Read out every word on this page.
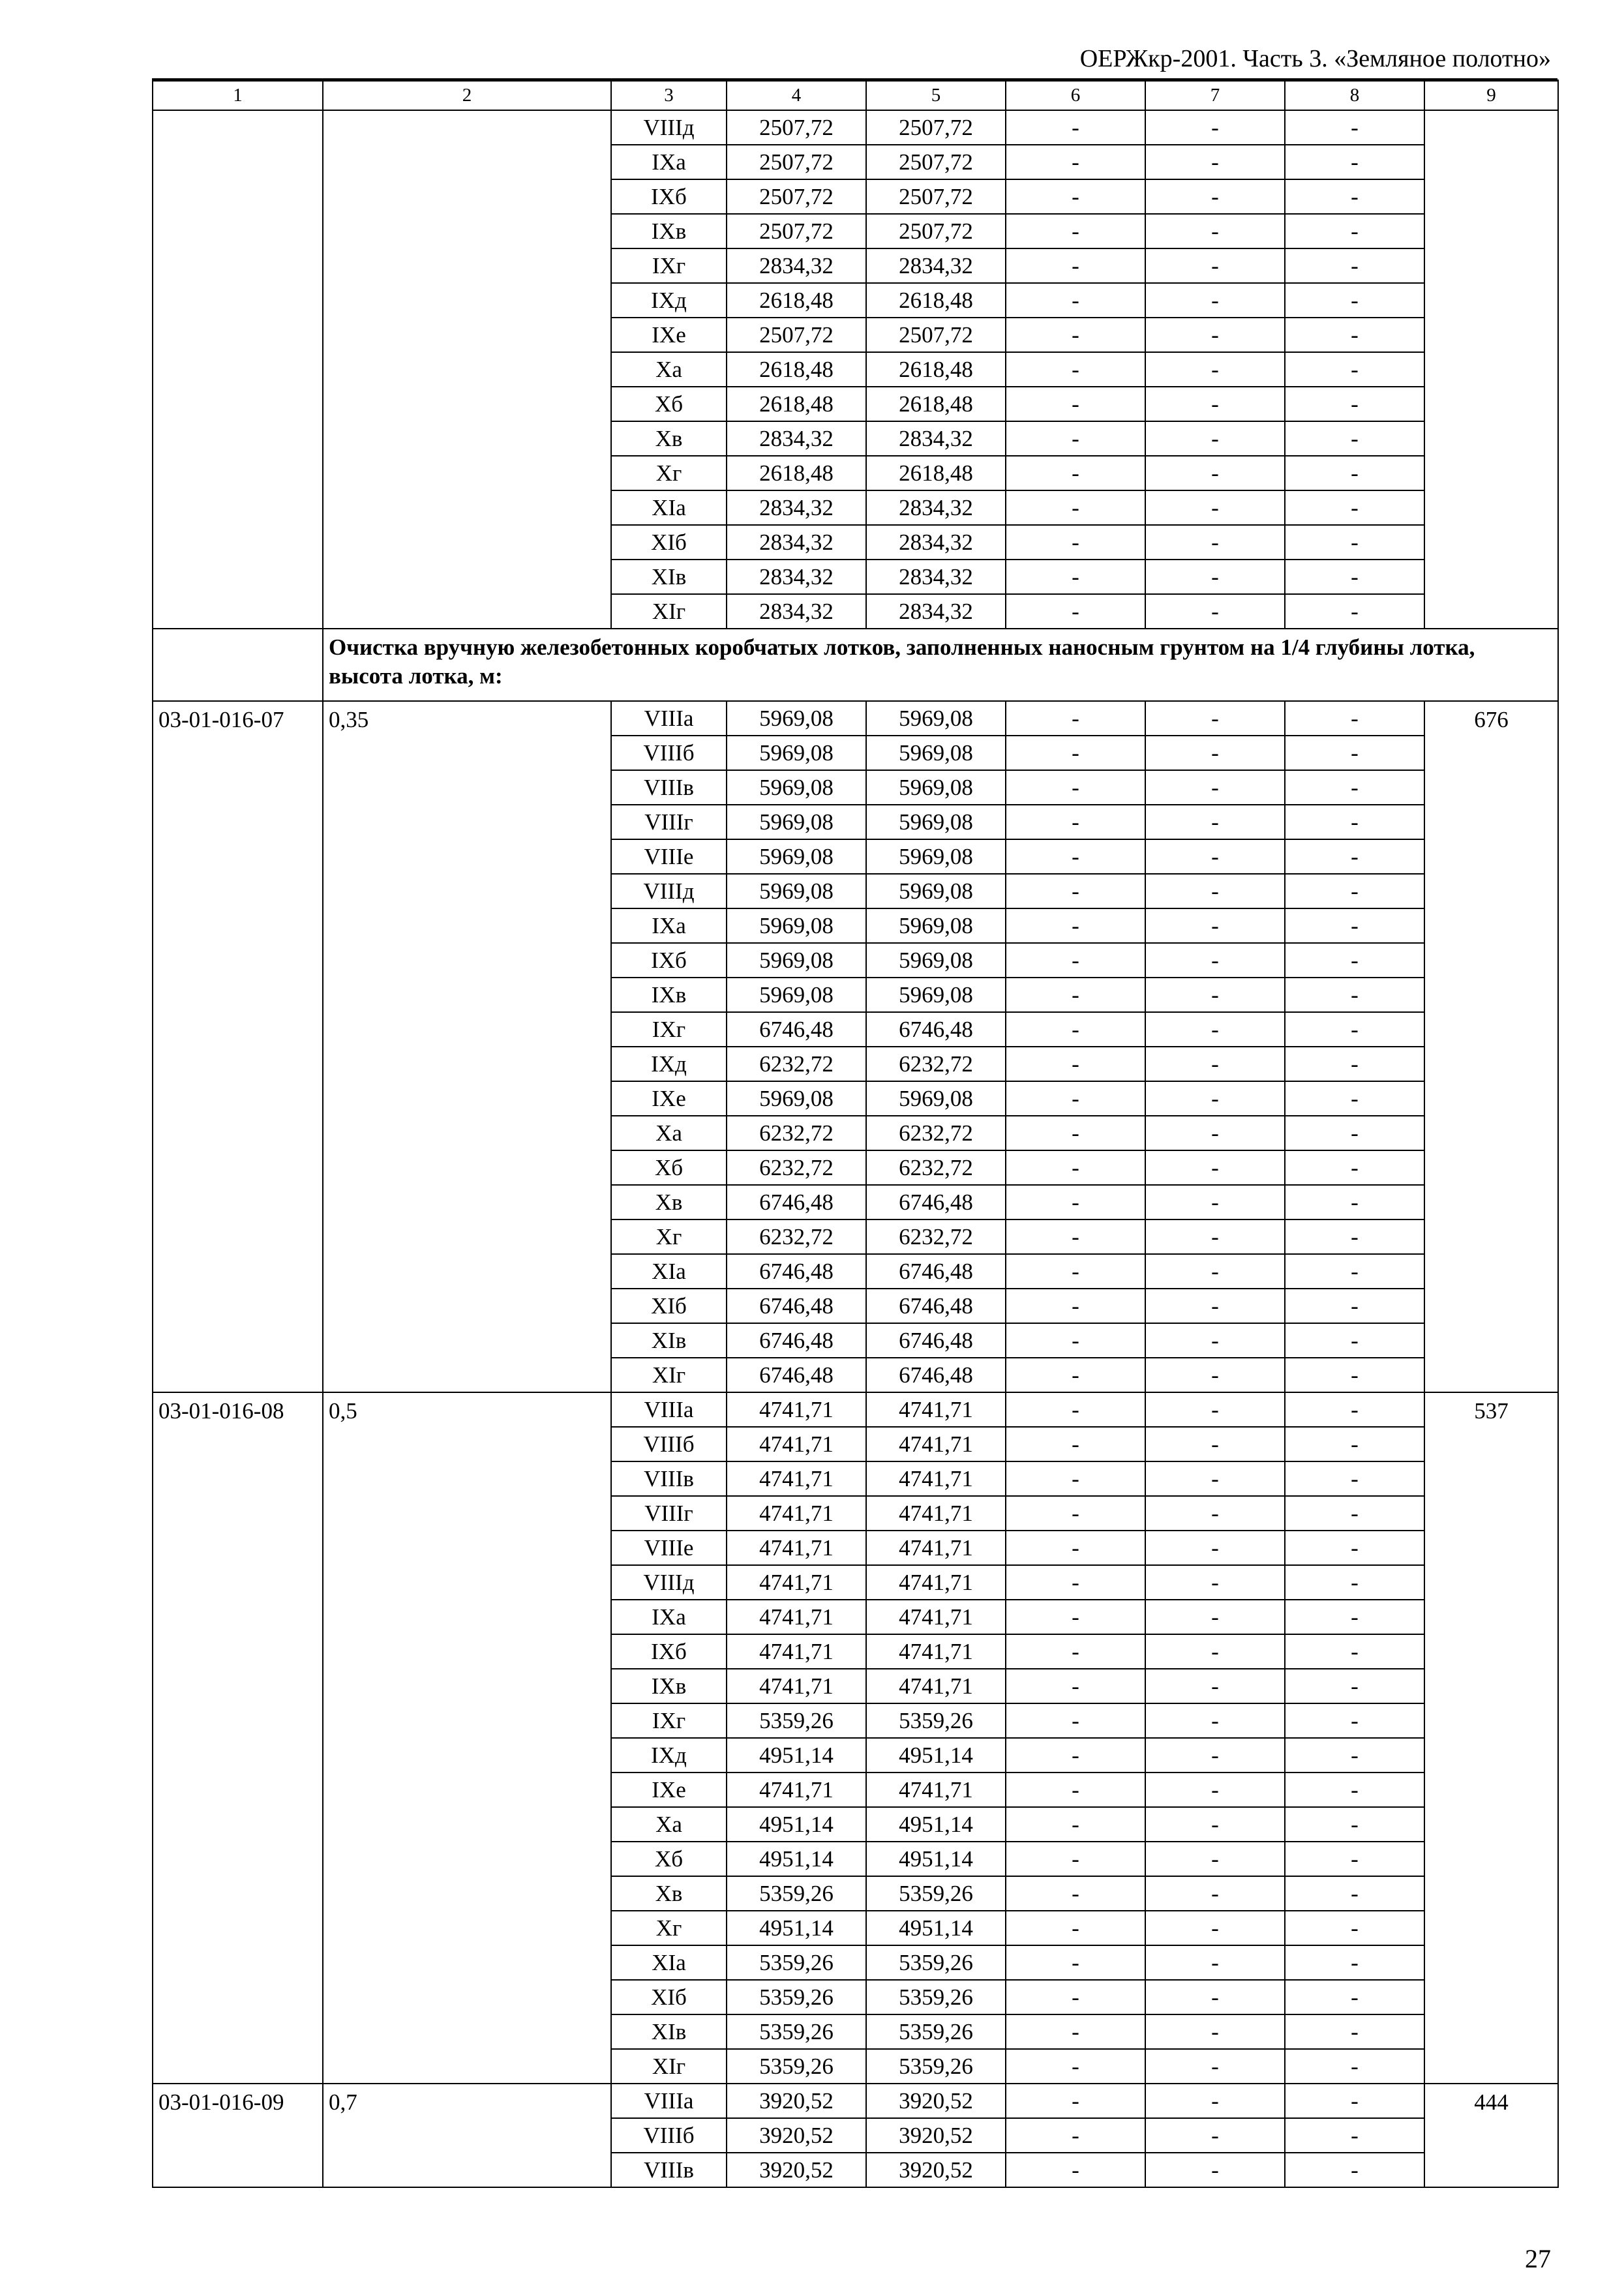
ОЕРЖкр-2001. Часть 3. «Земляное полотно»
1	2	3	4	5	6	7	8	9
		VIIIд	2507,72	2507,72	-	-	-	
		IXа	2507,72	2507,72	-	-	-	
		IXб	2507,72	2507,72	-	-	-	
		IXв	2507,72	2507,72	-	-	-	
		IXг	2834,32	2834,32	-	-	-	
		IXд	2618,48	2618,48	-	-	-	
		IXе	2507,72	2507,72	-	-	-	
		Xа	2618,48	2618,48	-	-	-	
		Xб	2618,48	2618,48	-	-	-	
		Xв	2834,32	2834,32	-	-	-	
		Xг	2618,48	2618,48	-	-	-	
		XIа	2834,32	2834,32	-	-	-	
		XIб	2834,32	2834,32	-	-	-	
		XIв	2834,32	2834,32	-	-	-	
		XIг	2834,32	2834,32	-	-	-	
	Очистка вручную железобетонных коробчатых лотков, заполненных наносным грунтом на 1/4 глубины лотка, высота лотка, м:							
03-01-016-07	0,35	VIIIа	5969,08	5969,08	-	-	-	676
		VIIIб	5969,08	5969,08	-	-	-	
		VIIIв	5969,08	5969,08	-	-	-	
		VIIIг	5969,08	5969,08	-	-	-	
		VIIIе	5969,08	5969,08	-	-	-	
		VIIIд	5969,08	5969,08	-	-	-	
		IXа	5969,08	5969,08	-	-	-	
		IXб	5969,08	5969,08	-	-	-	
		IXв	5969,08	5969,08	-	-	-	
		IXг	6746,48	6746,48	-	-	-	
		IXд	6232,72	6232,72	-	-	-	
		IXе	5969,08	5969,08	-	-	-	
		Xа	6232,72	6232,72	-	-	-	
		Xб	6232,72	6232,72	-	-	-	
		Xв	6746,48	6746,48	-	-	-	
		Xг	6232,72	6232,72	-	-	-	
		XIа	6746,48	6746,48	-	-	-	
		XIб	6746,48	6746,48	-	-	-	
		XIв	6746,48	6746,48	-	-	-	
		XIг	6746,48	6746,48	-	-	-	
03-01-016-08	0,5	VIIIа	4741,71	4741,71	-	-	-	537
		VIIIб	4741,71	4741,71	-	-	-	
		VIIIв	4741,71	4741,71	-	-	-	
		VIIIг	4741,71	4741,71	-	-	-	
		VIIIе	4741,71	4741,71	-	-	-	
		VIIIд	4741,71	4741,71	-	-	-	
		IXа	4741,71	4741,71	-	-	-	
		IXб	4741,71	4741,71	-	-	-	
		IXв	4741,71	4741,71	-	-	-	
		IXг	5359,26	5359,26	-	-	-	
		IXд	4951,14	4951,14	-	-	-	
		IXе	4741,71	4741,71	-	-	-	
		Xа	4951,14	4951,14	-	-	-	
		Xб	4951,14	4951,14	-	-	-	
		Xв	5359,26	5359,26	-	-	-	
		Xг	4951,14	4951,14	-	-	-	
		XIа	5359,26	5359,26	-	-	-	
		XIб	5359,26	5359,26	-	-	-	
		XIв	5359,26	5359,26	-	-	-	
		XIг	5359,26	5359,26	-	-	-	
03-01-016-09	0,7	VIIIа	3920,52	3920,52	-	-	-	444
		VIIIб	3920,52	3920,52	-	-	-	
		VIIIв	3920,52	3920,52	-	-	-	
27
